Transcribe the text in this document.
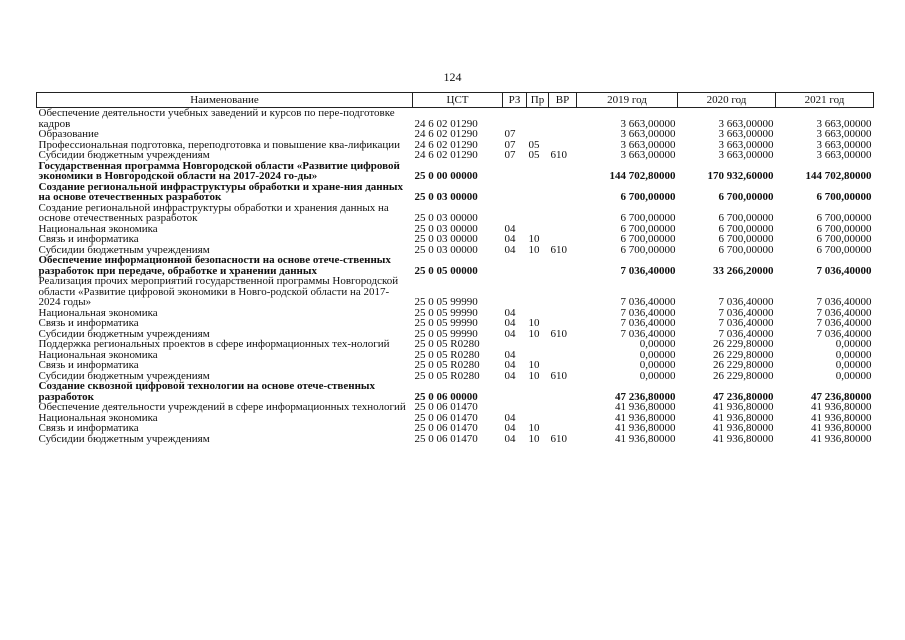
124
Наименование	ЦСТ	РЗ	Пр	ВР	2019 год	2020 год	2021 год
Обеспечение деятельности учебных заведений и курсов по пере-подготовке кадров	24 6 02 01290				3 663,00000	3 663,00000	3 663,00000
Образование	24 6 02 01290	07			3 663,00000	3 663,00000	3 663,00000
Профессиональная подготовка, переподготовка и повышение ква-лификации	24 6 02 01290	07	05		3 663,00000	3 663,00000	3 663,00000
Субсидии бюджетным учреждениям	24 6 02 01290	07	05	610	3 663,00000	3 663,00000	3 663,00000
Государственная программа Новгородской области «Развитие цифровой экономики в Новгородской области на 2017-2024 го-ды»	25 0 00 00000				144 702,80000	170 932,60000	144 702,80000
Создание региональной инфраструктуры обработки и хране-ния данных на основе отечественных разработок	25 0 03 00000				6 700,00000	6 700,00000	6 700,00000
Создание региональной инфраструктуры обработки и хранения данных на основе отечественных разработок	25 0 03 00000				6 700,00000	6 700,00000	6 700,00000
Национальная экономика	25 0 03 00000	04			6 700,00000	6 700,00000	6 700,00000
Связь и информатика	25 0 03 00000	04	10		6 700,00000	6 700,00000	6 700,00000
Субсидии бюджетным учреждениям	25 0 03 00000	04	10	610	6 700,00000	6 700,00000	6 700,00000
Обеспечение информационной безопасности на основе отече-ственных разработок при передаче, обработке и хранении данных	25 0 05 00000				7 036,40000	33 266,20000	7 036,40000
Реализация прочих мероприятий государственной программы Новгородской области «Развитие цифровой экономики в Новго-родской области на 2017-2024 годы»	25 0 05 99990				7 036,40000	7 036,40000	7 036,40000
Национальная экономика	25 0 05 99990	04			7 036,40000	7 036,40000	7 036,40000
Связь и информатика	25 0 05 99990	04	10		7 036,40000	7 036,40000	7 036,40000
Субсидии бюджетным учреждениям	25 0 05 99990	04	10	610	7 036,40000	7 036,40000	7 036,40000
Поддержка региональных проектов в сфере информационных тех-нологий	25 0 05 R0280				0,00000	26 229,80000	0,00000
Национальная экономика	25 0 05 R0280	04			0,00000	26 229,80000	0,00000
Связь и информатика	25 0 05 R0280	04	10		0,00000	26 229,80000	0,00000
Субсидии бюджетным учреждениям	25 0 05 R0280	04	10	610	0,00000	26 229,80000	0,00000
Создание сквозной цифровой технологии на основе отече-ственных разработок	25 0 06 00000				47 236,80000	47 236,80000	47 236,80000
Обеспечение деятельности учреждений в сфере информационных технологий	25 0 06 01470				41 936,80000	41 936,80000	41 936,80000
Национальная экономика	25 0 06 01470	04			41 936,80000	41 936,80000	41 936,80000
Связь и информатика	25 0 06 01470	04	10		41 936,80000	41 936,80000	41 936,80000
Субсидии бюджетным учреждениям	25 0 06 01470	04	10	610	41 936,80000	41 936,80000	41 936,80000
